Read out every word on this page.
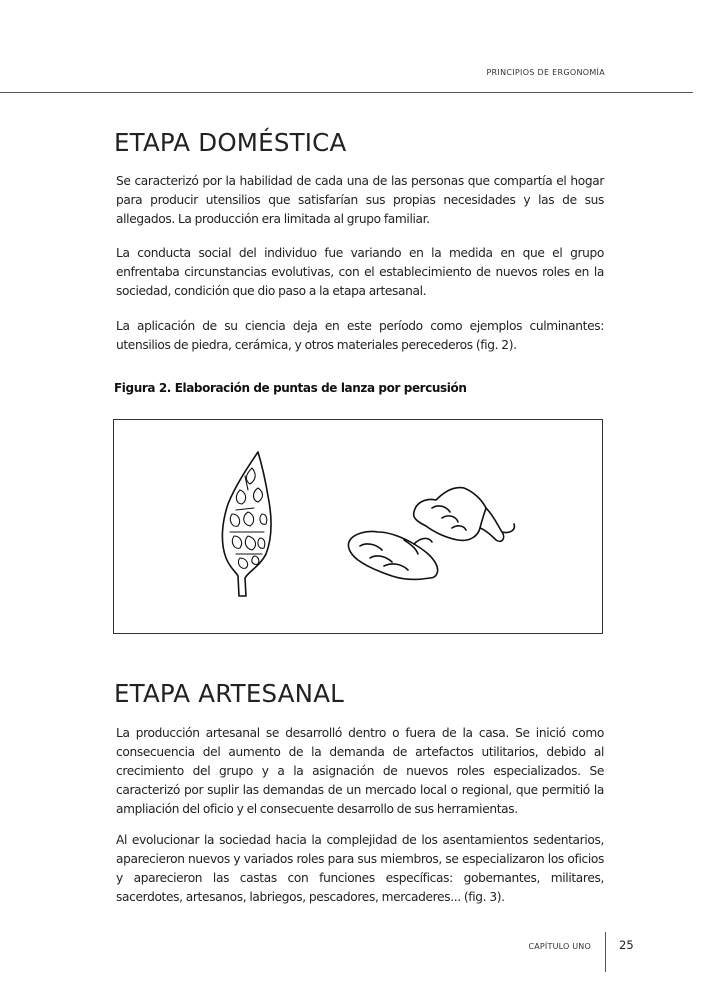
PRINCIPIOS DE ERGONOMÍA
ETAPA DOMÉSTICA

Se caracterizó por la habilidad de cada una de las personas que compartía el hogar para producir utensilios que satisfarían sus propias necesidades y las de sus allegados. La producción era limitada al grupo familiar.

La conducta social del individuo fue variando en la medida en que el grupo enfrentaba circunstancias evolutivas, con el establecimiento de nuevos roles en la sociedad, condición que dio paso a la etapa artesanal.

La aplicación de su ciencia deja en este período como ejemplos culminantes: utensilios de piedra, cerámica, y otros materiales perecederos (fig. 2).

Figura 2. Elaboración de puntas de lanza por percusión

ETAPA ARTESANAL

La producción artesanal se desarrolló dentro o fuera de la casa. Se inició como consecuencia del aumento de la demanda de artefactos utilitarios, debido al crecimiento del grupo y a la asignación de nuevos roles especializados. Se caracterizó por suplir las demandas de un mercado local o regional, que permitió la ampliación del oficio y el consecuente desarrollo de sus herramientas.

Al evolucionar la sociedad hacia la complejidad de los asentamientos sedentarios, aparecieron nuevos y variados roles para sus miembros, se especializaron los oficios y aparecieron las castas con funciones específicas: gobernantes, militares, sacerdotes, artesanos, labriegos, pescadores, mercaderes... (fig. 3).

CAPÍTULO UNO 25
